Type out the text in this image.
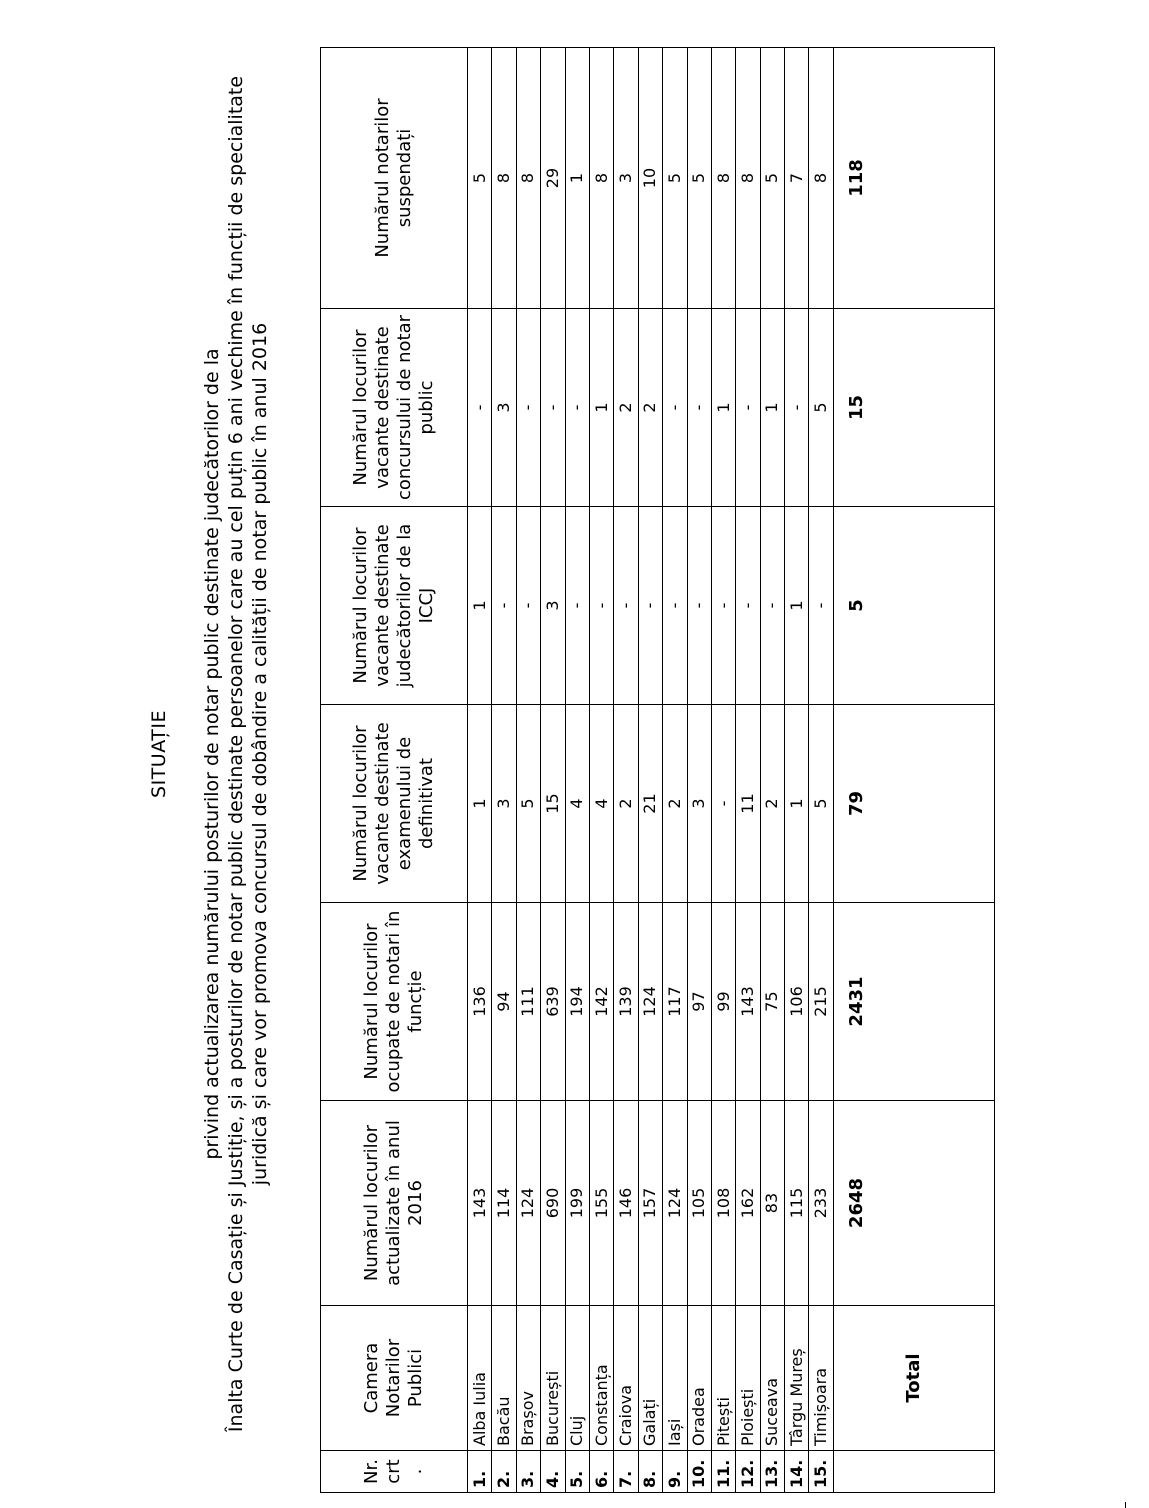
SITUAȚIE privind actualizarea numărului posturilor de notar public destinate judecătorilor de la Înalta Curte de Casație și Justiție, și a posturilor de notar public destinate persoanelor care au cel puțin 6 ani vechime în funcții de specialitate juridică și care vor promova concursul de dobândire a calității de notar public în anul 2016
Nr. crt .	Camera Notarilor Publici	Numărul locurilor actualizate în anul 2016	Numărul locurilor ocupate de notari în funcție	Numărul locurilor vacante destinate examenului de definitivat	Numărul locurilor vacante destinate judecătorilor de la ICCJ	Numărul locurilor vacante destinate concursului de notar public	Numărul notarilor suspendați
1.	Alba Iulia	143	136	1	1	-	5
2.	Bacău	114	94	3	-	3	8
3.	Brașov	124	111	5	-	-	8
4.	București	690	639	15	3	-	29
5.	Cluj	199	194	4	-	-	1
6.	Constanța	155	142	4	-	1	8
7.	Craiova	146	139	2	-	2	3
8.	Galați	157	124	21	-	2	10
9.	Iași	124	117	2	-	-	5
10.	Oradea	105	97	3	-	-	5
11.	Pitești	108	99	-	-	1	8
12.	Ploiești	162	143	11	-	-	8
13.	Suceava	83	75	2	-	1	5
14.	Târgu Mureș	115	106	1	1	-	7
15.	Timișoara	233	215	5	-	5	8
	Total	2648	2431	79	5	15	118
